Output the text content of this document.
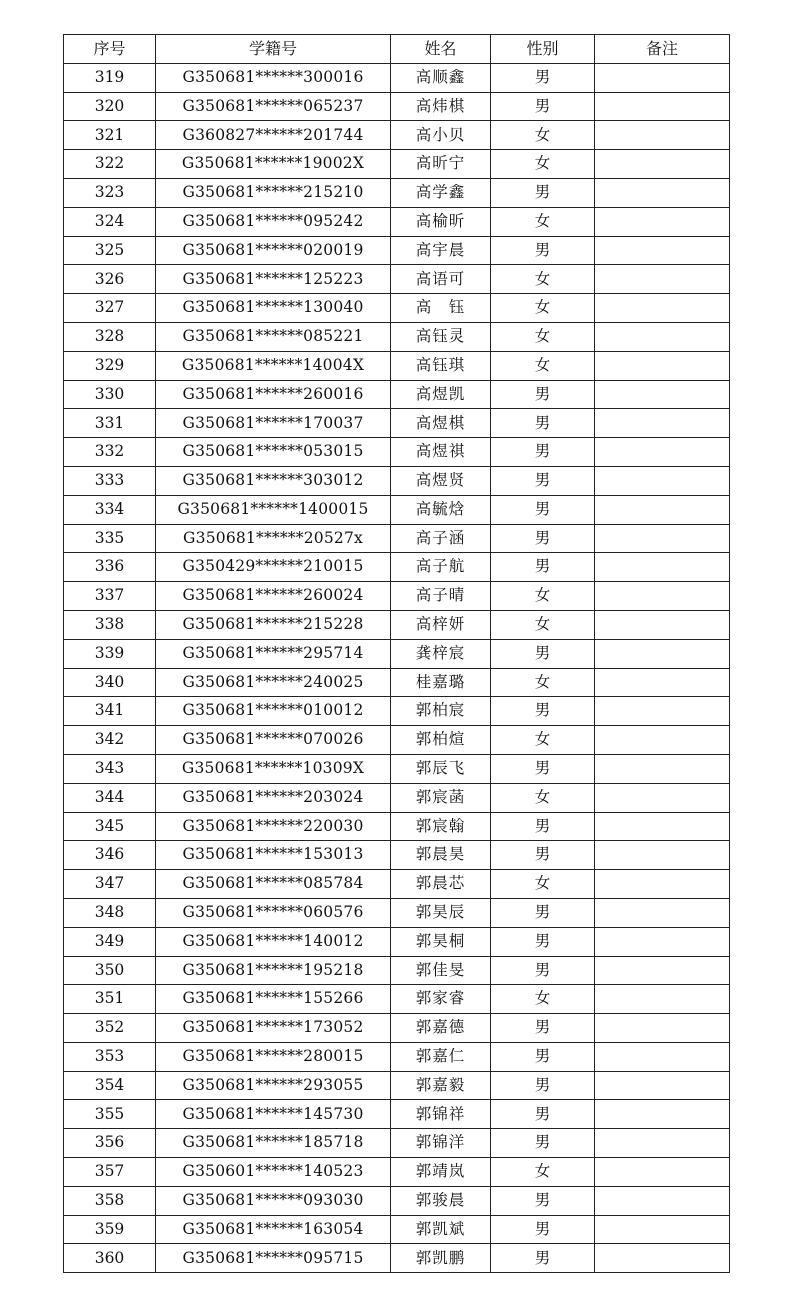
序号	学籍号	姓名	性别	备注
319	G350681******300016	高顺鑫	男	
320	G350681******065237	高炜棋	男	
321	G360827******201744	高小贝	女	
322	G350681******19002X	高昕宁	女	
323	G350681******215210	高学鑫	男	
324	G350681******095242	高榆昕	女	
325	G350681******020019	高宇晨	男	
326	G350681******125223	高语可	女	
327	G350681******130040	高　钰	女	
328	G350681******085221	高钰灵	女	
329	G350681******14004X	高钰琪	女	
330	G350681******260016	高煜凯	男	
331	G350681******170037	高煜棋	男	
332	G350681******053015	高煜祺	男	
333	G350681******303012	高煜贤	男	
334	G350681******1400015	高毓焓	男	
335	G350681******20527x	高子涵	男	
336	G350429******210015	高子航	男	
337	G350681******260024	高子晴	女	
338	G350681******215228	高梓妍	女	
339	G350681******295714	龚梓宸	男	
340	G350681******240025	桂嘉璐	女	
341	G350681******010012	郭柏宸	男	
342	G350681******070026	郭柏煊	女	
343	G350681******10309X	郭辰飞	男	
344	G350681******203024	郭宸菡	女	
345	G350681******220030	郭宸翰	男	
346	G350681******153013	郭晨昊	男	
347	G350681******085784	郭晨芯	女	
348	G350681******060576	郭昊辰	男	
349	G350681******140012	郭昊桐	男	
350	G350681******195218	郭佳旻	男	
351	G350681******155266	郭家睿	女	
352	G350681******173052	郭嘉德	男	
353	G350681******280015	郭嘉仁	男	
354	G350681******293055	郭嘉毅	男	
355	G350681******145730	郭锦祥	男	
356	G350681******185718	郭锦洋	男	
357	G350601******140523	郭靖岚	女	
358	G350681******093030	郭骏晨	男	
359	G350681******163054	郭凯斌	男	
360	G350681******095715	郭凯鹏	男	
